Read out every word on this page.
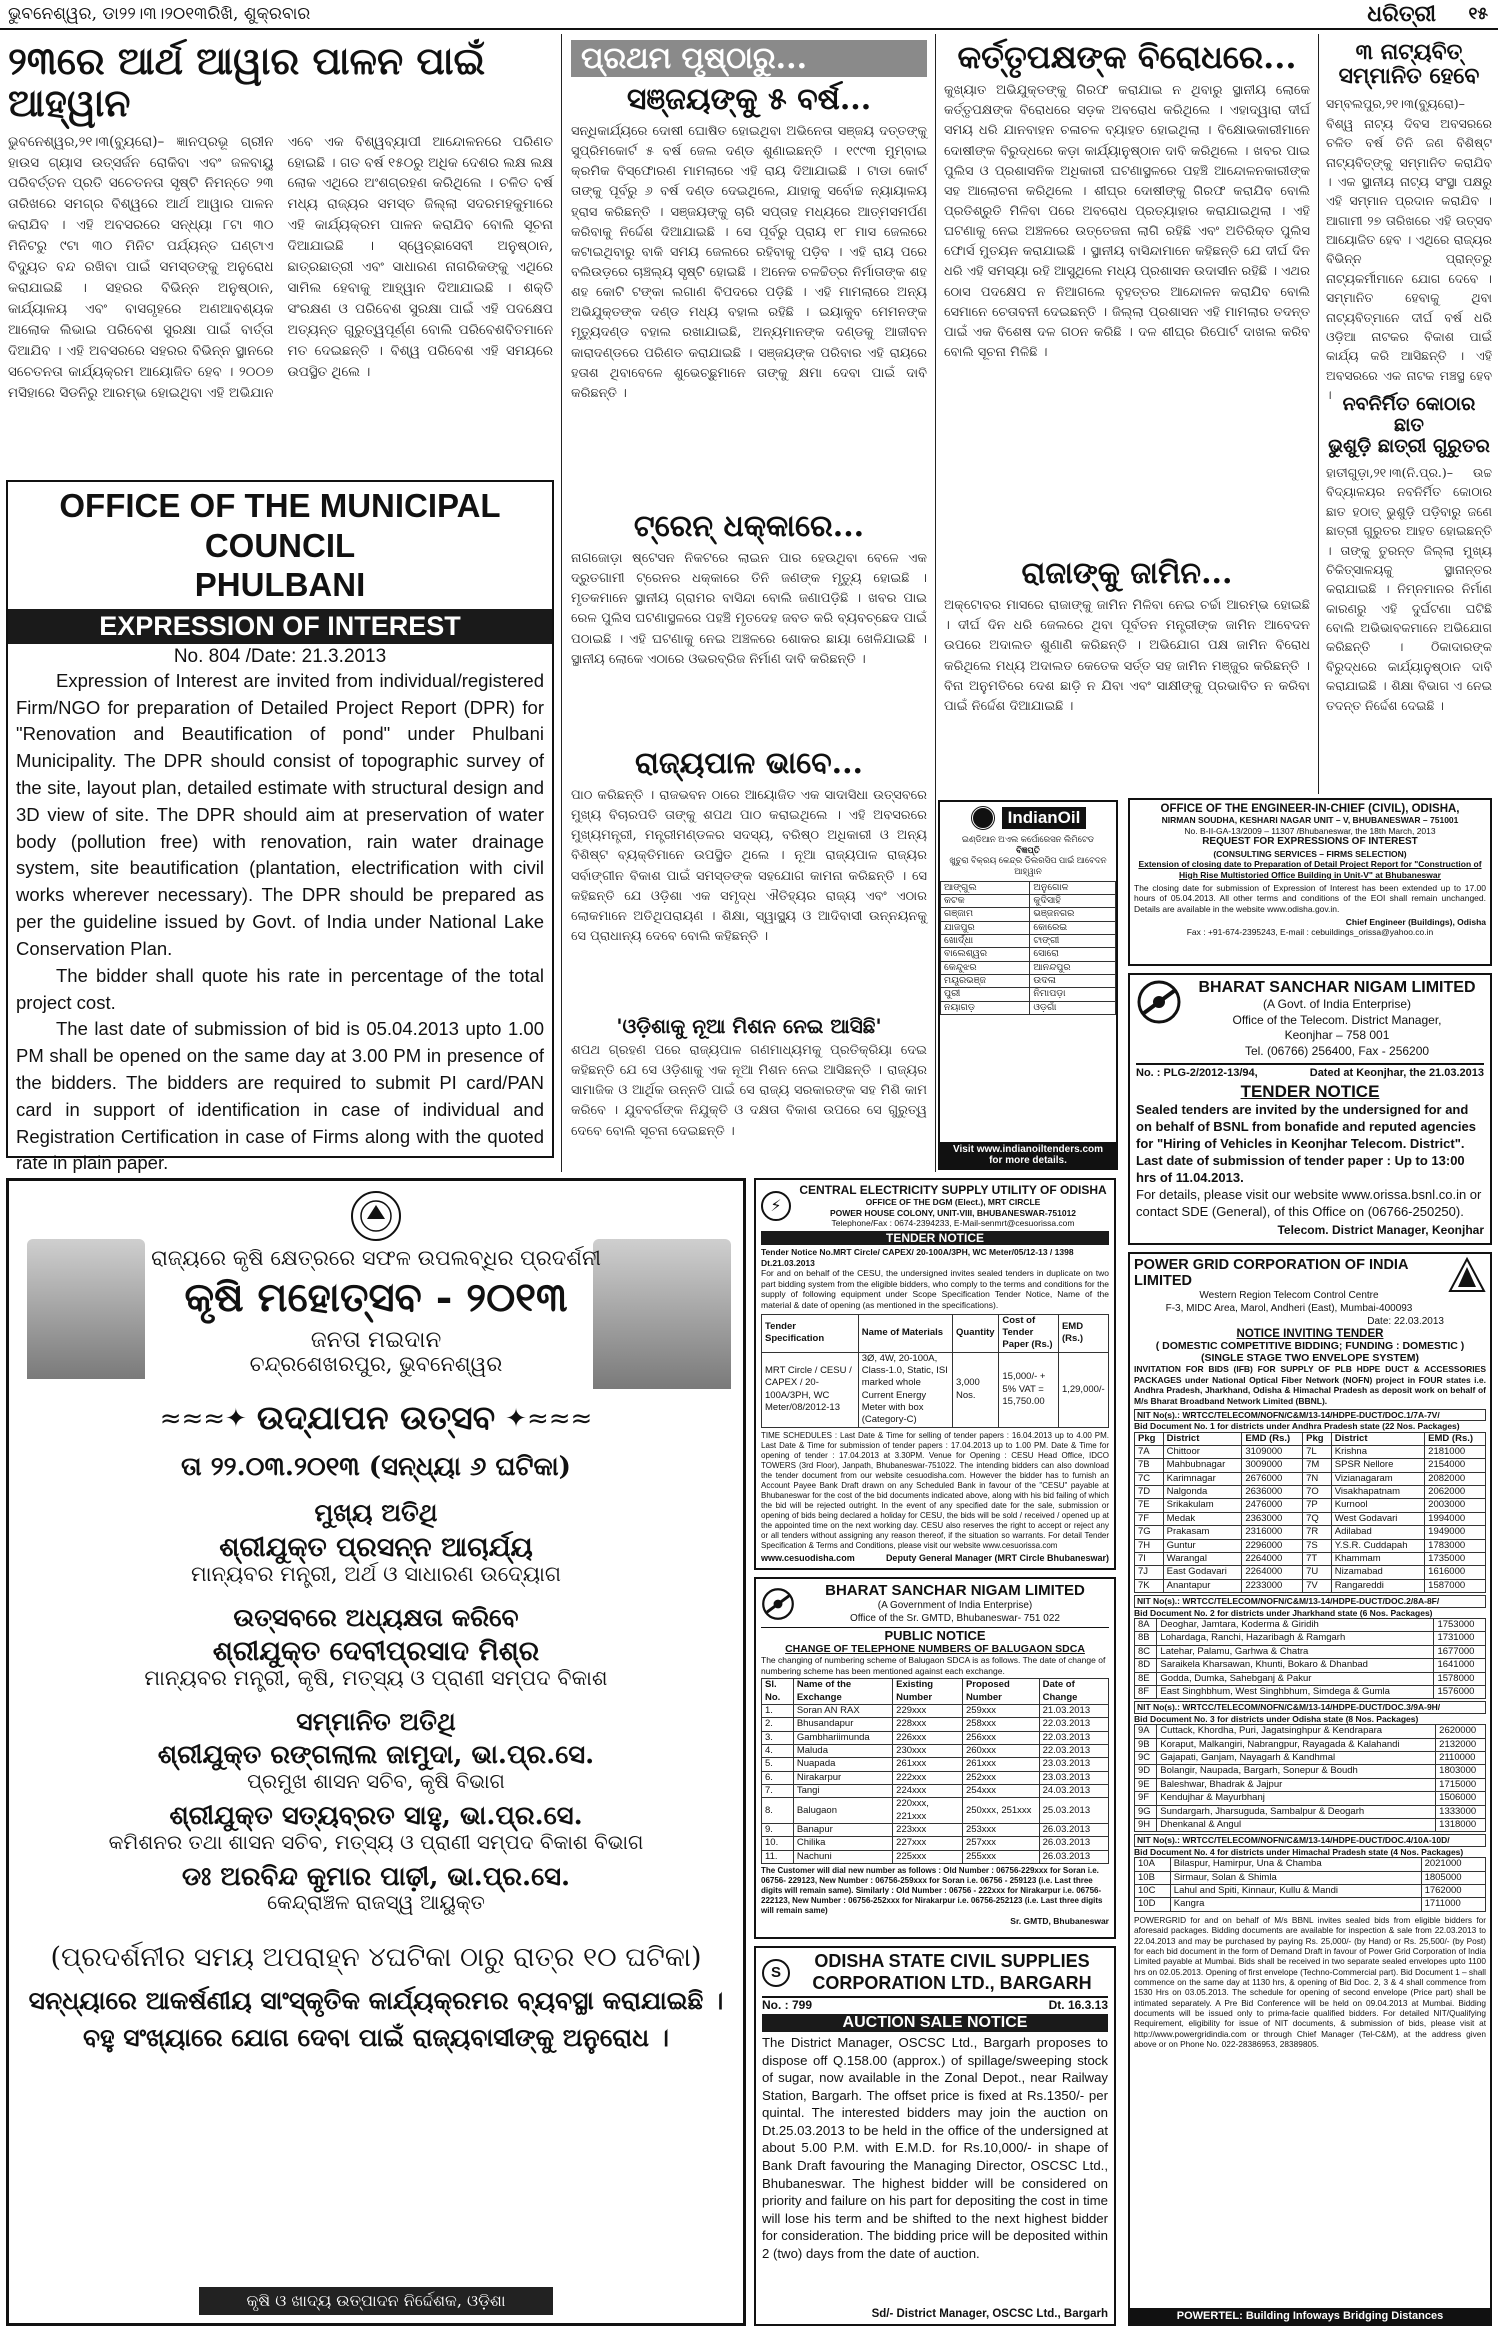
ଭୁବନେଶ୍ୱର, ଡା୨୨।୩।୨୦୧୩ରିଖି, ଶୁକ୍ରବାର	ଧରିତ୍ରୀ ୧୫
୨୩ରେ ଆର୍ଥ ଆୱାର ପାଳନ ପାଇଁ ଆହ୍ୱାନ
ଭୁବନେଶ୍ୱର,୨୧।୩(ବ୍ୟୁରୋ)– ଜ୍ଞାନପ୍ରଭୂ ଗ୍ରୀନ ହାଉସ ଗ୍ୟାସ ଉତ୍ସର୍ଜନ ରୋକିବା ଏବଂ ଜଳବାୟୁ ପରିବର୍ତ୍ତନ ପ୍ରତି ସଚେତନତା ସୃଷ୍ଟି ନିମନ୍ତେ ୨୩ ତାରିଖରେ ସମଗ୍ର ବିଶ୍ୱରେ ଆର୍ଥ ଆୱାର ପାଳନ କରାଯିବ । ଏହି ଅବସରରେ ସନ୍ଧ୍ୟା ୮ଟା ୩୦ ମିନିଟରୁ ୯ଟା ୩୦ ମିନିଟ ପର୍ଯ୍ୟନ୍ତ ଘଣ୍ଟାଏ ବିଦ୍ୟୁତ ବନ୍ଦ ରଖିବା ପାଇଁ ସମସ୍ତଙ୍କୁ ଅନୁରୋଧ କରାଯାଇଛି । ସହରର ବିଭିନ୍ନ ଅନୁଷ୍ଠାନ, କାର୍ଯ୍ୟାଳୟ ଏବଂ ବାସଗୃହରେ ଅଣଆବଶ୍ୟକ ଆଲୋକ ଲିଭାଇ ପରିବେଶ ସୁରକ୍ଷା ପାଇଁ ବାର୍ତ୍ତା ଦିଆଯିବ । ଏହି ଅବସରରେ ସହରର ବିଭିନ୍ନ ସ୍ଥାନରେ ସଚେତନତା କାର୍ଯ୍ୟକ୍ରମ ଆୟୋଜିତ ହେବ । ୨୦୦୭ ମସିହାରେ ସିଡନିରୁ ଆରମ୍ଭ ହୋଇଥିବା ଏହି ଅଭିଯାନ ଏବେ ଏକ ବିଶ୍ୱବ୍ୟାପୀ ଆନ୍ଦୋଳନରେ ପରିଣତ ହୋଇଛି । ଗତ ବର୍ଷ ୧୫୦ରୁ ଅଧିକ ଦେଶର ଲକ୍ଷ ଲକ୍ଷ ଲୋକ ଏଥିରେ ଅଂଶଗ୍ରହଣ କରିଥିଲେ । ଚଳିତ ବର୍ଷ ମଧ୍ୟ ରାଜ୍ୟର ସମସ୍ତ ଜିଲ୍ଲା ସଦରମହକୁମାରେ ଏହି କାର୍ଯ୍ୟକ୍ରମ ପାଳନ କରାଯିବ ବୋଲି ସୂଚନା ଦିଆଯାଇଛି । ସ୍ୱେଚ୍ଛାସେବୀ ଅନୁଷ୍ଠାନ, ଛାତ୍ରଛାତ୍ରୀ ଏବଂ ସାଧାରଣ ନାଗରିକଙ୍କୁ ଏଥିରେ ସାମିଲ ହେବାକୁ ଆହ୍ୱାନ ଦିଆଯାଇଛି । ଶକ୍ତି ସଂରକ୍ଷଣ ଓ ପରିବେଶ ସୁରକ୍ଷା ପାଇଁ ଏହି ପଦକ୍ଷେପ ଅତ୍ୟନ୍ତ ଗୁରୁତ୍ୱପୂର୍ଣ୍ଣ ବୋଲି ପରିବେଶବିତମାନେ ମତ ଦେଇଛନ୍ତି । ବିଶ୍ୱ ପରିବେଶ ଏହି ସମୟରେ ଉପସ୍ଥିତ ଥିଲେ ।
OFFICE OF THE MUNICIPAL COUNCIL
PHULBANI
EXPRESSION OF INTEREST
No. 804 /Date: 21.3.2013

Expression of Interest are invited from individual/registered Firm/NGO for preparation of Detailed Project Report (DPR) for "Renovation and Beautification of pond" under Phulbani Municipality. The DPR should consist of topographic survey of the site, layout plan, detailed estimate with structural design and 3D view of site. The DPR should aim at preservation of water body (pollution free) with renovation, rain water drainage system, site beautification (plantation, electrification with civil works wherever necessary). The DPR should be prepared as per the guideline issued by Govt. of India under National Lake Conservation Plan.

The bidder shall quote his rate in percentage of the total project cost.

The last date of submission of bid is 05.04.2013 upto 1.00 PM shall be opened on the same day at 3.00 PM in presence of the bidders. The bidders are required to submit PI card/PAN card in support of identification in case of individual and Registration Certification in case of Firms along with the quoted rate in plain paper.

ପ୍ରଥମ ପୃଷ୍ଠାରୁ...
ସଞ୍ଜୟଙ୍କୁ ୫ ବର୍ଷ...
ସନ୍ଧିକାର୍ଯ୍ୟରେ ଦୋଷୀ ଘୋଷିତ ହୋଇଥିବା ଅଭିନେତା ସଞ୍ଜୟ ଦତ୍ତଙ୍କୁ ସୁପ୍ରିମକୋର୍ଟ ୫ ବର୍ଷ ଜେଲ ଦଣ୍ଡ ଶୁଣାଇଛନ୍ତି । ୧୯୯୩ ମୁମ୍ବାଇ କ୍ରମିକ ବିସ୍ଫୋରଣ ମାମଲାରେ ଏହି ରାୟ ଦିଆଯାଇଛି । ଟାଡା କୋର୍ଟ ତାଙ୍କୁ ପୂର୍ବରୁ ୬ ବର୍ଷ ଦଣ୍ଡ ଦେଇଥିଲେ, ଯାହାକୁ ସର୍ବୋଚ୍ଚ ନ୍ୟାୟାଳୟ ହ୍ରାସ କରିଛନ୍ତି । ସଞ୍ଜୟଙ୍କୁ ଚାରି ସପ୍ତାହ ମଧ୍ୟରେ ଆତ୍ମସମର୍ପଣ କରିବାକୁ ନିର୍ଦ୍ଦେଶ ଦିଆଯାଇଛି । ସେ ପୂର୍ବରୁ ପ୍ରାୟ ୧୮ ମାସ ଜେଲରେ କଟାଇଥିବାରୁ ବାକି ସମୟ ଜେଲରେ ରହିବାକୁ ପଡ଼ିବ । ଏହି ରାୟ ପରେ ବଲିଉଡ଼ରେ ଚାଞ୍ଚଲ୍ୟ ସୃଷ୍ଟି ହୋଇଛି । ଅନେକ ଚଳଚ୍ଚିତ୍ର ନିର୍ମାତାଙ୍କ ଶହ ଶହ କୋଟି ଟଙ୍କା ଲଗାଣ ବିପଦରେ ପଡ଼ିଛି । ଏହି ମାମଲାରେ ଅନ୍ୟ ଅଭିଯୁକ୍ତଙ୍କ ଦଣ୍ଡ ମଧ୍ୟ ବହାଲ ରହିଛି । ଇୟାକୁବ ମେମନଙ୍କ ମୃତ୍ୟୁଦଣ୍ଡ ବହାଲ ରଖାଯାଇଛି, ଅନ୍ୟମାନଙ୍କ ଦଣ୍ଡକୁ ଆଜୀବନ କାରାଦଣ୍ଡରେ ପରିଣତ କରାଯାଇଛି । ସଞ୍ଜୟଙ୍କ ପରିବାର ଏହି ରାୟରେ ହତାଶ ଥିବାବେଳେ ଶୁଭେଚ୍ଛୁମାନେ ତାଙ୍କୁ କ୍ଷମା ଦେବା ପାଇଁ ଦାବି କରିଛନ୍ତି ।
ଟ୍ରେନ୍ ଧକ୍କାରେ...
ନାଗଜୋଡ଼ା ଷ୍ଟେସନ ନିକଟରେ ଲାଇନ ପାର ହେଉଥିବା ବେଳେ ଏକ ଦ୍ରୁତଗାମୀ ଟ୍ରେନର ଧକ୍କାରେ ତିନି ଜଣଙ୍କ ମୃତ୍ୟୁ ହୋଇଛି । ମୃତକମାନେ ସ୍ଥାନୀୟ ଗ୍ରାମର ବାସିନ୍ଦା ବୋଲି ଜଣାପଡ଼ିଛି । ଖବର ପାଇ ରେଳ ପୁଲିସ ଘଟଣାସ୍ଥଳରେ ପହଞ୍ଚି ମୃତଦେହ ଜବତ କରି ବ୍ୟବଚ୍ଛେଦ ପାଇଁ ପଠାଇଛି । ଏହି ଘଟଣାକୁ ନେଇ ଅଞ୍ଚଳରେ ଶୋକର ଛାୟା ଖେଳିଯାଇଛି । ସ୍ଥାନୀୟ ଲୋକେ ଏଠାରେ ଓଭରବ୍ରିଜ ନିର୍ମାଣ ଦାବି କରିଛନ୍ତି ।
ରାଜ୍ୟପାଳ ଭାବେ...
ପାଠ କରିଛନ୍ତି । ରାଜଭବନ ଠାରେ ଆୟୋଜିତ ଏକ ସାଦାସିଧା ଉତ୍ସବରେ ମୁଖ୍ୟ ବିଚାରପତି ତାଙ୍କୁ ଶପଥ ପାଠ କରାଇଥିଲେ । ଏହି ଅବସରରେ ମୁଖ୍ୟମନ୍ତ୍ରୀ, ମନ୍ତ୍ରୀମଣ୍ଡଳର ସଦସ୍ୟ, ବରିଷ୍ଠ ଅଧିକାରୀ ଓ ଅନ୍ୟ ବିଶିଷ୍ଟ ବ୍ୟକ୍ତିମାନେ ଉପସ୍ଥିତ ଥିଲେ । ନୂଆ ରାଜ୍ୟପାଳ ରାଜ୍ୟର ସର୍ବାଙ୍ଗୀନ ବିକାଶ ପାଇଁ ସମସ୍ତଙ୍କ ସହଯୋଗ କାମନା କରିଛନ୍ତି । ସେ କହିଛନ୍ତି ଯେ ଓଡ଼ିଶା ଏକ ସମୃଦ୍ଧ ଐତିହ୍ୟର ରାଜ୍ୟ ଏବଂ ଏଠାର ଲୋକମାନେ ଅତିଥିପରାୟଣ । ଶିକ୍ଷା, ସ୍ୱାସ୍ଥ୍ୟ ଓ ଆଦିବାସୀ ଉନ୍ନୟନକୁ ସେ ପ୍ରାଧାନ୍ୟ ଦେବେ ବୋଲି କହିଛନ୍ତି ।
'ଓଡ଼ିଶାକୁ ନୂଆ ମିଶନ ନେଇ ଆସିଛି'
ଶପଥ ଗ୍ରହଣ ପରେ ରାଜ୍ୟପାଳ ଗଣମାଧ୍ୟମକୁ ପ୍ରତିକ୍ରିୟା ଦେଇ କହିଛନ୍ତି ଯେ ସେ ଓଡ଼ିଶାକୁ ଏକ ନୂଆ ମିଶନ ନେଇ ଆସିଛନ୍ତି । ରାଜ୍ୟର ସାମାଜିକ ଓ ଆର୍ଥିକ ଉନ୍ନତି ପାଇଁ ସେ ରାଜ୍ୟ ସରକାରଙ୍କ ସହ ମିଶି କାମ କରିବେ । ଯୁବବର୍ଗଙ୍କ ନିଯୁକ୍ତି ଓ ଦକ୍ଷତା ବିକାଶ ଉପରେ ସେ ଗୁରୁତ୍ୱ ଦେବେ ବୋଲି ସୂଚନା ଦେଇଛନ୍ତି ।
କର୍ତ୍ତୃପକ୍ଷଙ୍କ ବିରୋଧରେ...
କୁଖ୍ୟାତ ଅଭିଯୁକ୍ତଙ୍କୁ ଗିରଫ କରାଯାଇ ନ ଥିବାରୁ ସ୍ଥାନୀୟ ଲୋକେ କର୍ତ୍ତୃପକ୍ଷଙ୍କ ବିରୋଧରେ ସଡ଼କ ଅବରୋଧ କରିଥିଲେ । ଏହାଦ୍ୱାରା ଦୀର୍ଘ ସମୟ ଧରି ଯାନବାହନ ଚଳାଚଳ ବ୍ୟାହତ ହୋଇଥିଲା । ବିକ୍ଷୋଭକାରୀମାନେ ଦୋଷୀଙ୍କ ବିରୁଦ୍ଧରେ କଡ଼ା କାର୍ଯ୍ୟାନୁଷ୍ଠାନ ଦାବି କରିଥିଲେ । ଖବର ପାଇ ପୁଲିସ ଓ ପ୍ରଶାସନିକ ଅଧିକାରୀ ଘଟଣାସ୍ଥଳରେ ପହଞ୍ଚି ଆନ୍ଦୋଳନକାରୀଙ୍କ ସହ ଆଲୋଚନା କରିଥିଲେ । ଶୀଘ୍ର ଦୋଷୀଙ୍କୁ ଗିରଫ କରାଯିବ ବୋଲି ପ୍ରତିଶ୍ରୁତି ମିଳିବା ପରେ ଅବରୋଧ ପ୍ରତ୍ୟାହାର କରାଯାଇଥିଲା । ଏହି ଘଟଣାକୁ ନେଇ ଅଞ୍ଚଳରେ ଉତ୍ତେଜନା ଲାଗି ରହିଛି ଏବଂ ଅତିରିକ୍ତ ପୁଲିସ ଫୋର୍ସ ମୁତୟନ କରାଯାଇଛି । ସ୍ଥାନୀୟ ବାସିନ୍ଦାମାନେ କହିଛନ୍ତି ଯେ ଦୀର୍ଘ ଦିନ ଧରି ଏହି ସମସ୍ୟା ରହି ଆସୁଥିଲେ ମଧ୍ୟ ପ୍ରଶାସନ ଉଦାସୀନ ରହିଛି । ଏଥର ଠୋସ ପଦକ୍ଷେପ ନ ନିଆଗଲେ ବୃହତ୍ତର ଆନ୍ଦୋଳନ କରାଯିବ ବୋଲି ସେମାନେ ଚେତାବନୀ ଦେଇଛନ୍ତି । ଜିଲ୍ଲା ପ୍ରଶାସନ ଏହି ମାମଲାର ତଦନ୍ତ ପାଇଁ ଏକ ବିଶେଷ ଦଳ ଗଠନ କରିଛି । ଦଳ ଶୀଘ୍ର ରିପୋର୍ଟ ଦାଖଲ କରିବ ବୋଲି ସୂଚନା ମିଳିଛି ।
ରାଜାଙ୍କୁ ଜାମିନ...
ଅକ୍ଟୋବର ମାସରେ ରାଜାଙ୍କୁ ଜାମିନ ମିଳିବା ନେଇ ଚର୍ଚ୍ଚା ଆରମ୍ଭ ହୋଇଛି । ଦୀର୍ଘ ଦିନ ଧରି ଜେଲରେ ଥିବା ପୂର୍ବତନ ମନ୍ତ୍ରୀଙ୍କ ଜାମିନ ଆବେଦନ ଉପରେ ଅଦାଲତ ଶୁଣାଣି କରିଛନ୍ତି । ଅଭିଯୋଗ ପକ୍ଷ ଜାମିନ ବିରୋଧ କରିଥିଲେ ମଧ୍ୟ ଅଦାଲତ କେତେକ ସର୍ତ୍ତ ସହ ଜାମିନ ମଞ୍ଜୁର କରିଛନ୍ତି । ବିନା ଅନୁମତିରେ ଦେଶ ଛାଡ଼ି ନ ଯିବା ଏବଂ ସାକ୍ଷୀଙ୍କୁ ପ୍ରଭାବିତ ନ କରିବା ପାଇଁ ନିର୍ଦ୍ଦେଶ ଦିଆଯାଇଛି ।
୩ ନାଟ୍ୟବିତ୍
ସମ୍ମାନିତ ହେବେ
ସମ୍ବଲପୁର,୨୧।୩(ବ୍ୟୁରୋ)– ବିଶ୍ୱ ନାଟ୍ୟ ଦିବସ ଅବସରରେ ଚଳିତ ବର୍ଷ ତିନି ଜଣ ବିଶିଷ୍ଟ ନାଟ୍ୟବିତ୍ଙ୍କୁ ସମ୍ମାନିତ କରାଯିବ । ଏକ ସ୍ଥାନୀୟ ନାଟ୍ୟ ସଂସ୍ଥା ପକ୍ଷରୁ ଏହି ସମ୍ମାନ ପ୍ରଦାନ କରାଯିବ । ଆଗାମୀ ୨୭ ତାରିଖରେ ଏହି ଉତ୍ସବ ଆୟୋଜିତ ହେବ । ଏଥିରେ ରାଜ୍ୟର ବିଭିନ୍ନ ପ୍ରାନ୍ତରୁ ନାଟ୍ୟକର୍ମୀମାନେ ଯୋଗ ଦେବେ । ସମ୍ମାନିତ ହେବାକୁ ଥିବା ନାଟ୍ୟବିତ୍ମାନେ ଦୀର୍ଘ ବର୍ଷ ଧରି ଓଡ଼ିଆ ନାଟକର ବିକାଶ ପାଇଁ କାର୍ଯ୍ୟ କରି ଆସିଛନ୍ତି । ଏହି ଅବସରରେ ଏକ ନାଟକ ମଞ୍ଚସ୍ଥ ହେବ । ନବନିର୍ମିତ କୋଠାର ଛାତ
ଭୁଶୁଡ଼ି ଛାତ୍ରୀ ଗୁରୁତର
ହାତୀଗୁଡ଼ା,୨୧।୩(ନି.ପ୍ର.)– ଉଚ୍ଚ ବିଦ୍ୟାଳୟର ନବନିର୍ମିତ କୋଠାର ଛାତ ହଠାତ୍ ଭୁଶୁଡ଼ି ପଡ଼ିବାରୁ ଜଣେ ଛାତ୍ରୀ ଗୁରୁତର ଆହତ ହୋଇଛନ୍ତି । ତାଙ୍କୁ ତୁରନ୍ତ ଜିଲ୍ଲା ମୁଖ୍ୟ ଚିକିତ୍ସାଳୟକୁ ସ୍ଥାନାନ୍ତର କରାଯାଇଛି । ନିମ୍ନମାନର ନିର୍ମାଣ କାରଣରୁ ଏହି ଦୁର୍ଘଟଣା ଘଟିଛି ବୋଲି ଅଭିଭାବକମାନେ ଅଭିଯୋଗ କରିଛନ୍ତି । ଠିକାଦାରଙ୍କ ବିରୁଦ୍ଧରେ କାର୍ଯ୍ୟାନୁଷ୍ଠାନ ଦାବି କରାଯାଇଛି । ଶିକ୍ଷା ବିଭାଗ ଏ ନେଇ ତଦନ୍ତ ନିର୍ଦ୍ଦେଶ ଦେଇଛି ।
IndianOil
ଇଣ୍ଡିଆନ ଅଏଲ କର୍ପୋରେସନ ଲିମିଟେଡ
ବିଜ୍ଞପ୍ତି
ଖୁଚୁରା ବିକ୍ରୟ କେନ୍ଦ୍ର ଡିଲରସିପ ପାଇଁ ଆବେଦନ ଆହ୍ୱାନ
ଆଙ୍ଗୁଲ	ଅନୁଗୋଳ
କଟକ	କୁଦିସାହି
ଗଞ୍ଜାମ	ଭଞ୍ଜନଗର
ଯାଜପୁର	କୋରେଇ
ଖୋର୍ଦ୍ଧା	ଟାଙ୍ଗୀ
ବାଲେଶ୍ୱର	ସୋରୋ
କେନ୍ଦୁଝର	ଆନନ୍ଦପୁର
ମୟୂରଭଞ୍ଜ	ଉଦଳା
ପୁରୀ	ନିମାପଡ଼ା
ନୟାଗଡ଼	ଓଡ଼ଗାଁ
Visit www.indianoiltenders.com
for more details.
OFFICE OF THE ENGINEER-IN-CHIEF (CIVIL), ODISHA,
NIRMAN SOUDHA, KESHARI NAGAR UNIT – V, BHUBANESWAR – 751001
No. B-II-GA-13/2009 – 11307 /Bhubaneswar, the 18th March, 2013
REQUEST FOR EXPRESSIONS OF INTEREST
(CONSULTING SERVICES – FIRMS SELECTION)
Extension of closing date to Preparation of Detail Project Report for "Construction of High Rise Multistoried Office Building in Unit-V" at Bhubaneswar
The closing date for submission of Expression of Interest has been extended up to 17.00 hours of 05.04.2013. All other terms and conditions of the EOI shall remain unchanged. Details are available in the website www.odisha.gov.in.
Chief Engineer (Buildings), Odisha
Fax : +91-674-2395243, E-mail : cebuildings_orissa@yahoo.co.in
BHARAT SANCHAR NIGAM LIMITED
(A Govt. of India Enterprise)
Office of the Telecom. District Manager,
Keonjhar – 758 001
Tel. (06766) 256400, Fax - 256200
No. : PLG-2/2012-13/94,	Dated at Keonjhar, the 21.03.2013
TENDER NOTICE

Sealed tenders are invited by the undersigned for and on behalf of BSNL from bonafide and reputed agencies for "Hiring of Vehicles in Keonjhar Telecom. District".

Last date of submission of tender paper : Up to 13:00 hrs of 11.04.2013.

For details, please visit our website www.orissa.bsnl.co.in or contact SDE (General), of this Office on (06766-250250).

Telecom. District Manager, Keonjhar
ରାଜ୍ୟରେ କୃଷି କ୍ଷେତ୍ରରେ ସଫଳ ଉପଲବ୍ଧିର ପ୍ରଦର୍ଶନୀ
କୃଷି ମହୋତ୍ସବ - ୨୦୧୩
ଜନତା ମଇଦାନ
ଚନ୍ଦ୍ରଶେଖରପୁର, ଭୁବନେଶ୍ୱର
≈≈≈✦ ଉଦ୍ଯାପନ ଉତ୍ସବ ✦≈≈≈
ତା ୨୨.୦୩.୨୦୧୩ (ସନ୍ଧ୍ୟା ୬ ଘଟିକା)
ମୁଖ୍ୟ ଅତିଥି
ଶ୍ରୀଯୁକ୍ତ ପ୍ରସନ୍ନ ଆଚାର୍ଯ୍ୟ
ମାନ୍ୟବର ମନ୍ତ୍ରୀ, ଅର୍ଥ ଓ ସାଧାରଣ ଉଦ୍ୟୋଗ
ଉତ୍ସବରେ ଅଧ୍ୟକ୍ଷତା କରିବେ
ଶ୍ରୀଯୁକ୍ତ ଦେବୀପ୍ରସାଦ ମିଶ୍ର
ମାନ୍ୟବର ମନ୍ତ୍ରୀ, କୃଷି, ମତ୍ସ୍ୟ ଓ ପ୍ରାଣୀ ସମ୍ପଦ ବିକାଶ
ସମ୍ମାନିତ ଅତିଥି
ଶ୍ରୀଯୁକ୍ତ ରଙ୍ଗଲାଲ ଜାମୁଦା, ଭା.ପ୍ର.ସେ.
ପ୍ରମୁଖ ଶାସନ ସଚିବ, କୃଷି ବିଭାଗ
ଶ୍ରୀଯୁକ୍ତ ସତ୍ୟବ୍ରତ ସାହୁ, ଭା.ପ୍ର.ସେ.
କମିଶନର ତଥା ଶାସନ ସଚିବ, ମତ୍ସ୍ୟ ଓ ପ୍ରାଣୀ ସମ୍ପଦ ବିକାଶ ବିଭାଗ
ଡଃ ଅରବିନ୍ଦ କୁମାର ପାଢ଼ୀ, ଭା.ପ୍ର.ସେ.
କେନ୍ଦ୍ରାଞ୍ଚଳ ରାଜସ୍ୱ ଆୟୁକ୍ତ
(ପ୍ରଦର୍ଶନୀର ସମୟ ଅପରାହ୍ନ ୪ଘଟିକା ଠାରୁ ରାତ୍ର ୧୦ ଘଟିକା)
ସନ୍ଧ୍ୟାରେ ଆକର୍ଷଣୀୟ ସାଂସ୍କୃତିକ କାର୍ଯ୍ୟକ୍ରମର ବ୍ୟବସ୍ଥା କରାଯାଇଛି ।
ବହୁ ସଂଖ୍ୟାରେ ଯୋଗ ଦେବା ପାଇଁ ରାଜ୍ୟବାସୀଙ୍କୁ ଅନୁରୋଧ ।
କୃଷି ଓ ଖାଦ୍ୟ ଉତ୍ପାଦନ ନିର୍ଦ୍ଦେଶକ, ଓଡ଼ିଶା
⚡
CENTRAL ELECTRICITY SUPPLY UTILITY OF ODISHA
OFFICE OF THE DGM (Elect.), MRT CIRCLE
POWER HOUSE COLONY, UNIT-VIII, BHUBANESWAR-751012
Telephone/Fax : 0674-2394233, E-Mail-senmrt@cesuorissa.com
TENDER NOTICE
Tender Notice No.MRT Circle/ CAPEX/ 20-100A/3PH, WC Meter/05/12-13 / 1398 Dt.21.03.2013
For and on behalf of the CESU, the undersigned invites sealed tenders in duplicate on two part bidding system from the eligible bidders, who comply to the terms and conditions for the supply of following equipment under Scope Specification Tender Notice, Name of the material & date of opening (as mentioned in the specifications).
Tender Specification	Name of Materials	Quantity	Cost of Tender Paper (Rs.)	EMD (Rs.)
MRT Circle / CESU / CAPEX / 20-100A/3PH, WC Meter/08/2012-13	3Ø, 4W, 20-100A, Class-1.0, Static, ISI marked whole Current Energy Meter with box (Category-C)	3,000 Nos.	15,000/- + 5% VAT = 15,750.00	1,29,000/-
TIME SCHEDULES : Last Date & Time for selling of tender papers : 16.04.2013 up to 4.00 PM. Last Date & Time for submission of tender papers : 17.04.2013 up to 1.00 PM. Date & Time for opening of tender : 17.04.2013 at 3.30PM. Venue for Opening : CESU Head Office, IDCO TOWERS (3rd Floor), Janpath, Bhubaneswar-751022. The intending bidders can also download the tender document from our website cesuodisha.com. However the bidder has to furnish an Account Payee Bank Draft drawn on any Scheduled Bank in favour of the "CESU" payable at Bhubaneswar for the cost of the bid documents indicated above, along with his bid failing of which the bid will be rejected outright. In the event of any specified date for the sale, submission or opening of bids being declared a holiday for CESU, the bids will be sold / received / opened up at the appointed time on the next working day. CESU also reserves the right to accept or reject any or all tenders without assigning any reason thereof, if the situation so warrants. For detail Tender Specification & Terms and Conditions, please visit our website www.cesuorissa.com
www.cesuodisha.com	Deputy General Manager (MRT Circle Bhubaneswar)
BHARAT SANCHAR NIGAM LIMITED
(A Government of India Enterprise)
Office of the Sr. GMTD, Bhubaneswar- 751 022
PUBLIC NOTICE
CHANGE OF TELEPHONE NUMBERS OF BALUGAON SDCA
The changing of numbering scheme of Balugaon SDCA is as follows. The date of change of numbering scheme has been mentioned against each exchange.
Sl. No.	Name of the Exchange	Existing Number	Proposed Number	Date of Change
1.	Soran AN RAX	229xxx	259xxx	21.03.2013
2.	Bhusandapur	228xxx	258xxx	22.03.2013
3.	Gambhariimunda	226xxx	256xxx	22.03.2013
4.	Maluda	230xxx	260xxx	22.03.2013
5.	Nuapada	261xxx	261xxx	23.03.2013
6.	Nirakarpur	222xxx	252xxx	23.03.2013
7.	Tangi	224xxx	254xxx	24.03.2013
8.	Balugaon	220xxx, 221xxx	250xxx, 251xxx	25.03.2013
9.	Banapur	223xxx	253xxx	26.03.2013
10.	Chilika	227xxx	257xxx	26.03.2013
11.	Nachuni	225xxx	255xxx	26.03.2013
The Customer will dial new number as follows : Old Number : 06756-229xxx for Soran i.e. 06756- 229123, New Number : 06756-259xxx for Soran i.e. 06756 - 259123 (i.e. Last three digits will remain same). Similarly : Old Number : 06756 - 222xxx for Nirakarpur i.e. 06756-222123, New Number : 06756-252xxx for Nirakarpur i.e. 06756-252123 (i.e. Last three digits will remain same)
Sr. GMTD, Bhubaneswar
S
ODISHA STATE CIVIL SUPPLIES
CORPORATION LTD., BARGARH
No. : 799	Dt. 16.3.13
AUCTION SALE NOTICE
The District Manager, OSCSC Ltd., Bargarh proposes to dispose off Q.158.00 (approx.) of spillage/sweeping stock of sugar, now available in the Zonal Depot., near Railway Station, Bargarh. The offset price is fixed at Rs.1350/- per quintal. The interested bidders may join the auction on Dt.25.03.2013 to be held in the office of the undersigned at about 5.00 P.M. with E.M.D. for Rs.10,000/- in shape of Bank Draft favouring the Managing Director, OSCSC Ltd., Bhubaneswar. The highest bidder will be considered on priority and failure on his part for depositing the cost in time will lose his term and be shifted to the next highest bidder for consideration. The bidding price will be deposited within 2 (two) days from the date of auction.
Sd/- District Manager, OSCSC Ltd., Bargarh
POWER GRID CORPORATION OF INDIA LIMITED
Western Region Telecom Control Centre
F-3, MIDC Area, Marol, Andheri (East), Mumbai-400093
Date: 22.03.2013
NOTICE INVITING TENDER
( DOMESTIC COMPETITIVE BIDDING; FUNDING : DOMESTIC )
(SINGLE STAGE TWO ENVELOPE SYSTEM)
INVITATION FOR BIDS (IFB) FOR SUPPLY OF PLB HDPE DUCT & ACCESSORIES PACKAGES under National Optical Fiber Network (NOFN) project in FOUR states i.e. Andhra Pradesh, Jharkhand, Odisha & Himachal Pradesh as deposit work on behalf of M/s Bharat Broadband Network Limited (BBNL).
NIT No(s).: WRTCC/TELECOM/NOFN/C&M/13-14/HDPE-DUCT/DOC.1/7A-7V/
Bid Document No. 1 for districts under Andhra Pradesh state (22 Nos. Packages)
Pkg	District	EMD (Rs.)	Pkg	District	EMD (Rs.)
7A	Chittoor	3109000	7L	Krishna	2181000
7B	Mahbubnagar	3009000	7M	SPSR Nellore	2154000
7C	Karimnagar	2676000	7N	Vizianagaram	2082000
7D	Nalgonda	2636000	7O	Visakhapatnam	2062000
7E	Srikakulam	2476000	7P	Kurnool	2003000
7F	Medak	2363000	7Q	West Godavari	1994000
7G	Prakasam	2316000	7R	Adilabad	1949000
7H	Guntur	2296000	7S	Y.S.R. Cuddapah	1783000
7I	Warangal	2264000	7T	Khammam	1735000
7J	East Godavari	2264000	7U	Nizamabad	1616000
7K	Anantapur	2233000	7V	Rangareddi	1587000
NIT No(s).: WRTCC/TELECOM/NOFN/C&M/13-14/HDPE-DUCT/DOC.2/8A-8F/
Bid Document No. 2 for districts under Jharkhand state (6 Nos. Packages)
8A	Deoghar, Jamtara, Koderma & Giridih	1753000
8B	Lohardaga, Ranchi, Hazaribagh & Ramgarh	1731000
8C	Latehar, Palamu, Garhwa & Chatra	1677000
8D	Saraikela Kharsawan, Khunti, Bokaro & Dhanbad	1641000
8E	Godda, Dumka, Sahebganj & Pakur	1578000
8F	East Singhbhum, West Singhbhum, Simdega & Gumla	1576000
NIT No(s).: WRTCC/TELECOM/NOFN/C&M/13-14/HDPE-DUCT/DOC.3/9A-9H/
Bid Document No. 3 for districts under Odisha state (8 Nos. Packages)
9A	Cuttack, Khordha, Puri, Jagatsinghpur & Kendrapara	2620000
9B	Koraput, Malkangiri, Nabrangpur, Rayagada & Kalahandi	2132000
9C	Gajapati, Ganjam, Nayagarh & Kandhmal	2110000
9D	Bolangir, Naupada, Bargarh, Sonepur & Boudh	1803000
9E	Baleshwar, Bhadrak & Jajpur	1715000
9F	Kendujhar & Mayurbhanj	1506000
9G	Sundargarh, Jharsuguda, Sambalpur & Deogarh	1333000
9H	Dhenkanal & Angul	1318000
NIT No(s).: WRTCC/TELECOM/NOFN/C&M/13-14/HDPE-DUCT/DOC.4/10A-10D/
Bid Document No. 4 for districts under Himachal Pradesh state (4 Nos. Packages)
10A	Bilaspur, Hamirpur, Una & Chamba	2021000
10B	Sirmaur, Solan & Shimla	1805000
10C	Lahul and Spiti, Kinnaur, Kullu & Mandi	1762000
10D	Kangra	1711000
POWERGRID for and on behalf of M/s BBNL invites sealed bids from eligible bidders for aforesaid packages. Bidding documents are available for inspection & sale from 22.03.2013 to 22.04.2013 and may be purchased by paying Rs. 25,000/- (by Hand) or Rs. 25,500/- (by Post) for each bid document in the form of Demand Draft in favour of Power Grid Corporation of India Limited payable at Mumbai. Bids shall be received in two separate sealed envelopes upto 1100 hrs on 02.05.2013. Opening of first envelope (Techno-Commercial part). Bid Document 1 – shall commence on the same day at 1130 hrs, & opening of Bid Doc. 2, 3 & 4 shall commence from 1530 Hrs on 03.05.2013. The schedule for opening of second envelope (Price part) shall be intimated separately. A Pre Bid Conference will be held on 09.04.2013 at Mumbai. Bidding documents will be issued only to prima-facie qualified bidders. For detailed NIT/Qualifying Requirement, eligibility for issue of NIT documents, & submission of bids, please visit at http://www.powergridindia.com or through Chief Manager (Tel-C&M), at the address given above or on Phone No. 022-28386953, 28389805.
POWERTEL: Building Infoways Bridging Distances
